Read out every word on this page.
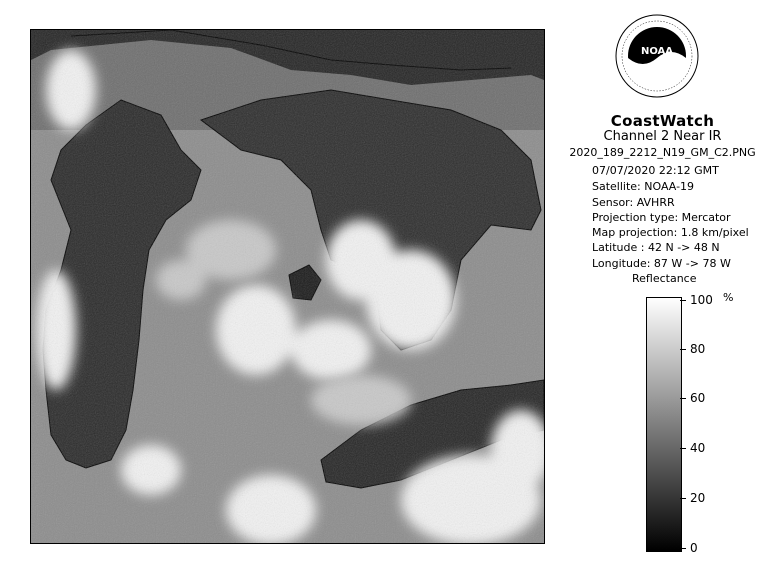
NOAA
CoastWatch
Channel 2 Near IR
2020_189_2212_N19_GM_C2.PNG
07/07/2020 22:12 GMT
Satellite: NOAA-19
Sensor: AVHRR
Projection type: Mercator
Map projection: 1.8 km/pixel
Latitude : 42 N -> 48 N
Longitude: 87 W -> 78 W
Reflectance
%
100
80
60
40
20
0
